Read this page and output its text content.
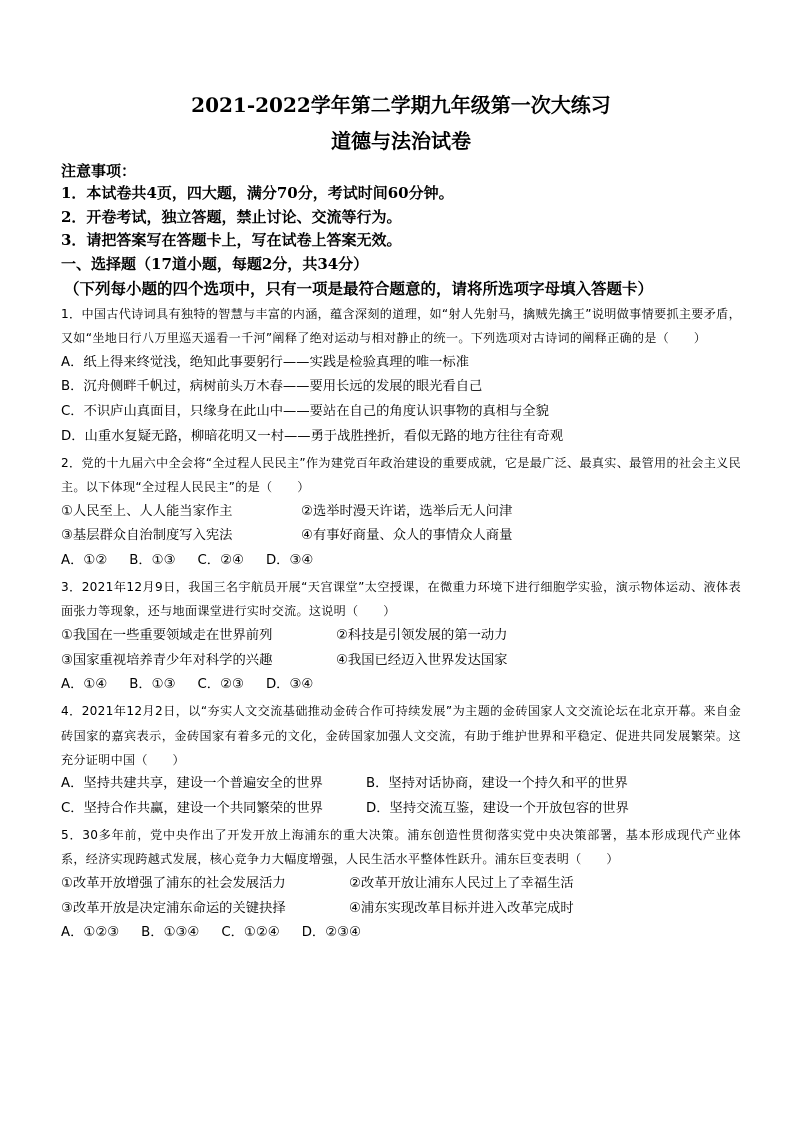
2021-2022学年第二学期九年级第一次大练习
道德与法治试卷
注意事项：
1．本试卷共4页，四大题，满分70分，考试时间60分钟。
2．开卷考试，独立答题，禁止讨论、交流等行为。
3．请把答案写在答题卡上，写在试卷上答案无效。
一、选择题（17道小题，每题2分，共34分）
（下列每小题的四个选项中，只有一项是最符合题意的，请将所选项字母填入答题卡）
1．中国古代诗词具有独特的智慧与丰富的内涵，蕴含深刻的道理，如“射人先射马，擒贼先擒王”说明做事情要抓主要矛盾，又如“坐地日行八万里巡天遥看一千河”阐释了绝对运动与相对静止的统一。下列选项对古诗词的阐释正确的是（　　）
A．纸上得来终觉浅，绝知此事要躬行——实践是检验真理的唯一标准
B．沉舟侧畔千帆过，病树前头万木春——要用长远的发展的眼光看自己
C．不识庐山真面目，只缘身在此山中——要站在自己的角度认识事物的真相与全貌
D．山重水复疑无路，柳暗花明又一村——勇于战胜挫折，看似无路的地方往往有奇观
2．党的十九届六中全会将“全过程人民民主”作为建党百年政治建设的重要成就，它是最广泛、最真实、最管用的社会主义民主。以下体现“全过程人民民主”的是（　　）
①人民至上、人人能当家作主	②选举时漫天许诺，选举后无人问津
③基层群众自治制度写入宪法	④有事好商量、众人的事情众人商量
A．①② B．①③ C．②④ D．③④
3．2021年12月9日，我国三名宇航员开展“天宫课堂”太空授课，在微重力环境下进行细胞学实验，演示物体运动、液体表面张力等现象，还与地面课堂进行实时交流。这说明（　　）
①我国在一些重要领域走在世界前列	②科技是引领发展的第一动力
③国家重视培养青少年对科学的兴趣	④我国已经迈入世界发达国家
A．①④ B．①③ C．②③ D．③④
4．2021年12月2日，以“夯实人文交流基础推动金砖合作可持续发展”为主题的金砖国家人文交流论坛在北京开幕。来自金砖国家的嘉宾表示，金砖国家有着多元的文化，金砖国家加强人文交流，有助于维护世界和平稳定、促进共同发展繁荣。这充分证明中国（　　）
A．坚持共建共享，建设一个普遍安全的世界	B．坚持对话协商，建设一个持久和平的世界
C．坚持合作共赢，建设一个共同繁荣的世界	D．坚持交流互鉴，建设一个开放包容的世界
5．30多年前，党中央作出了开发开放上海浦东的重大决策。浦东创造性贯彻落实党中央决策部署，基本形成现代产业体系，经济实现跨越式发展，核心竞争力大幅度增强，人民生活水平整体性跃升。浦东巨变表明（　　）
①改革开放增强了浦东的社会发展活力	②改革开放让浦东人民过上了幸福生活
③改革开放是决定浦东命运的关键抉择	④浦东实现改革目标并进入改革完成时
A．①②③ B．①③④ C．①②④ D．②③④
